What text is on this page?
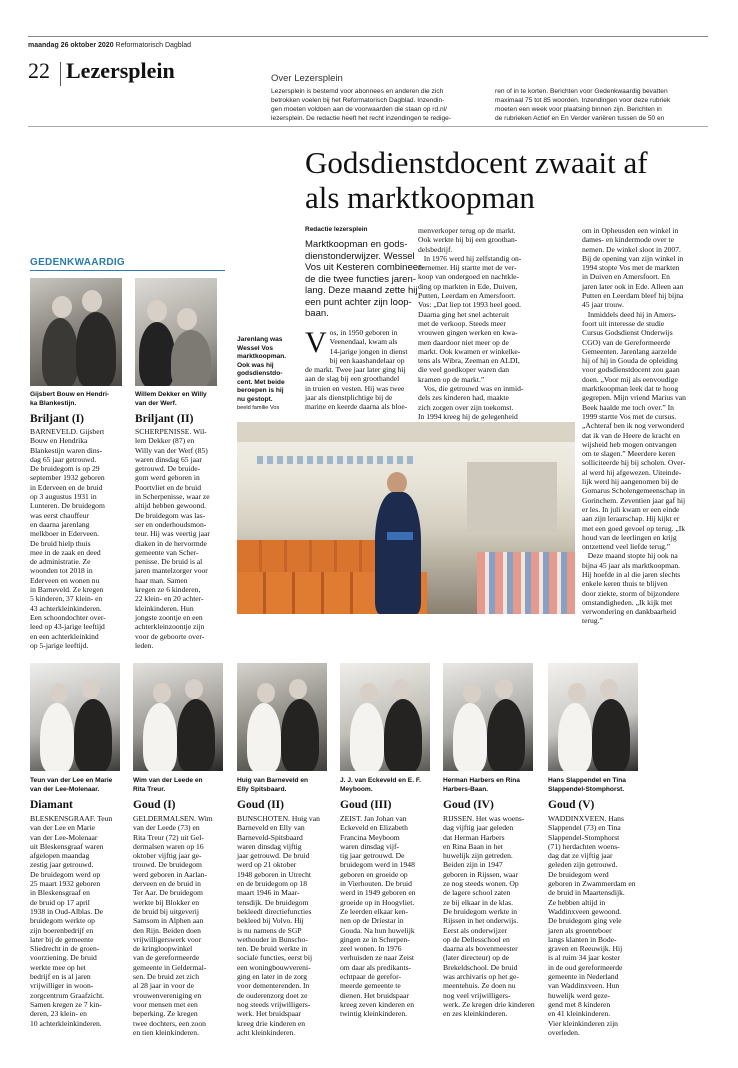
maandag 26 oktober 2020 Reformatorisch Dagblad
22 Lezersplein	Over Lezersplein
Lezersplein is bestemd voor abonnees en anderen die zich
betrokken voelen bij het Reformatorisch Dagblad. Inzendin-
gen moeten voldoen aan de voorwaarden die staan op rd.nl/
lezersplein. De redactie heeft het recht inzendingen te redige-
ren of in te korten. Berichten voor Gedenkwaardig bevatten
maximaal 75 tot 85 woorden. Inzendingen voor deze rubriek
moeten een week voor plaatsing binnen zijn. Berichten in
de rubrieken Actief en En Verder variëren tussen de 50 en
Godsdienstdocent zwaait af
als marktkoopman
GEDENKWAARDIG
Gijsbert Bouw en Hendri-
ka Blankestijn.
Willem Dekker en Willy
van der Werf.
Briljant (I)	Briljant (II)
BARNEVELD. Gijsbert
Bouw en Hendrika
Blankestijn waren dins-
dag 65 jaar getrouwd.
De bruidegom is op 29
september 1932 geboren
in Ederveen en de bruid
op 3 augustus 1931 in
Lunteren. De bruidegom
was eerst chauffeur
en daarna jarenlang
melkboer in Ederveen.
De bruid hielp thuis
mee in de zaak en deed
de administratie. Ze
woonden tot 2018 in
Ederveen en wonen nu
in Barneveld. Ze kregen
5 kinderen, 37 klein- en
43 achterkleinkinderen.
Een schoondochter over-
leed op 43-jarige leeftijd
en een achterkleinkind
op 5-jarige leeftijd.
SCHERPENISSE. Wil-
lem Dekker (87) en
Willy van der Werf (85)
waren dinsdag 65 jaar
getrouwd. De bruide-
gom werd geboren in
Poortvliet en de bruid
in Scherpenisse, waar ze
altijd hebben gewoond.
De bruidegom was las-
ser en onderhoudsmon-
teur. Hij was veertig jaar
diaken in de hervormde
gemeente van Scher-
penisse. De bruid is al
jaren mantelzorger voor
haar man. Samen
kregen ze 6 kinderen,
22 klein- en 20 achter-
kleinkinderen. Hun
jongste zoontje en een
achterkleinzoontje zijn
voor de geboorte over-
leden.
Jarenlang was
Wessel Vos
marktkoopman.
Ook was hij
godsdienstdo-
cent. Met beide
beroepen is hij
nu gestopt.
beeld familie Vos
Redactie lezersplein
Marktkoopman en gods-
dienstonderwijzer. Wessel
Vos uit Kesteren combineer-
de die twee functies jaren-
lang. Deze maand zette hij
een punt achter zijn loop-
baan.
Vos, in 1950 geboren in
Veenendaal, kwam als
14-jarige jongen in dienst
bij een kaashandelaar op
de markt. Twee jaar later ging hij
aan de slag bij een groothandel
in truien en vesten. Hij was twee
jaar als dienstplichtige bij de
marine en keerde daarna als bloe-

menverkoper terug op de markt.
Ook werkte hij bij een groothan-
delsbedrijf.
In 1976 werd hij zelfstandig on-
dernemer. Hij startte met de ver-
koop van ondergoed en nachtkle-
ding op markten in Ede, Duiven,
Putten, Leerdam en Amersfoort.
Vos: „Dat liep tot 1993 heel goed.
Daarna ging het snel achteruit
met de verkoop. Steeds meer
vrouwen gingen werken en kwa-
men daardoor niet meer op de
markt. Ook kwamen er winkelke-
tens als Wibra, Zeeman en ALDI,
die veel goedkoper waren dan
kramen op de markt.”
Vos, die getrouwd was en inmid-
dels zes kinderen had, maakte
zich zorgen over zijn toekomst.
In 1994 kreeg hij de gelegenheid
om in Opheusden een winkel in
dames- en kindermode over te
nemen. De winkel sloot in 2007.
Bij de opening van zijn winkel in
1994 stopte Vos met de markten
in Duiven en Amersfoort. En
jaren later ook in Ede. Alleen aan
Putten en Leerdam bleef hij bijna
45 jaar trouw.
Inmiddels deed hij in Amers-
foort uit interesse de studie
Cursus Godsdienst Onderwijs
CGO) van de Gereformeerde
Gemeenten. Jarenlang aarzelde
hij of hij in Gouda de opleiding
voor godsdienstdocent zou gaan
doen. „Voor mij als eenvoudige
marktkoopman leek dat te hoog
gegrepen. Mijn vriend Marius van
Beek haalde me toch over.” In
1999 startte Vos met de cursus.
„Achteraf ben ik nog verwonderd
dat ik van de Heere de kracht en
wijsheid heb mogen ontvangen
om te slagen.” Meerdere keren
solliciteerde hij bij scholen. Over-
al werd hij afgewezen. Uiteinde-
lijk werd hij aangenomen bij de
Gomarus Scholengemeenschap in
Gorinchem. Zeventien jaar gaf hij
er les. In juli kwam er een einde
aan zijn leraarschap. Hij kijkt er
met een goed gevoel op terug. „Ik
houd van de leerlingen en krijg
ontzettend veel liefde terug.”
Deze maand stopte hij ook na
bijna 45 jaar als marktkoopman.
Hij hoefde in al die jaren slechts
enkele keren thuis te blijven
door ziekte, storm of bijzondere
omstandigheden. „Ik kijk met
verwondering en dankbaarheid
terug.”
Teun van der Lee en Marie
van der Lee-Molenaar.
Diamant
BLESKENSGRAAF. Teun
van der Lee en Marie
van der Lee-Molenaar
uit Bleskensgraaf waren
afgelopen maandag
zestig jaar getrouwd.
De bruidegom werd op
25 maart 1932 geboren
in Bleskensgraaf en
de bruid op 17 april
1938 in Oud-Alblas. De
bruidegom werkte op
zijn boerenbedrijf en
later bij de gemeente
Sliedrecht in de groen-
voorziening. De bruid
werkte mee op het
bedrijf en is al jaren
vrijwilliger in woon-
zorgcentrum Graafzicht.
Samen kregen ze 7 kin-
deren, 23 klein- en
10 achterkleinkinderen.
Wim van der Leede en
Rita Treur.
Goud (I)
GELDERMALSEN. Wim
van der Leede (73) en
Rita Treur (72) uit Gel-
dermalsen waren op 16
oktober vijftig jaar ge-
trouwd. De bruidegom
werd geboren in Aarlan-
derveen en de bruid in
Ter Aar. De bruidegom
werkte bij Blokker en
de bruid bij uitgeverij
Samsom in Alphen aan
den Rijn. Beiden doen
vrijwilligerswerk voor
de kringloopwinkel
van de gereformeerde
gemeente in Geldermal-
sen. De bruid zet zich
al 28 jaar in voor de
vrouwenvereniging en
voor mensen met een
beperking. Ze kregen
twee dochters, een zoon
en tien kleinkinderen.
Huig van Barneveld en
Elly Spitsbaard.
Goud (II)
BUNSCHOTEN. Huig van
Barneveld en Elly van
Barneveld-Spitsbaard
waren dinsdag vijftig
jaar getrouwd. De bruid
werd op 21 oktober
1948 geboren in Utrecht
en de bruidegom op 18
maart 1946 in Maar-
tensdijk. De bruidegom
bekleedt directiefuncties
bekleed bij Volvo. Hij
is nu namens de SGP
wethouder in Bunscho-
ten. De bruid werkte in
sociale functies, eerst bij
een woningbouwvereni-
ging en later in de zorg
voor dementerenden. In
de ouderenzorg doet ze
nog steeds vrijwilligers-
werk. Het bruidspaar
kreeg drie kinderen en
acht kleinkinderen.
J. J. van Eckeveld en E. F.
Meyboom.
Goud (III)
ZEIST. Jan Johan van
Eckeveld en Elizabeth
Francina Meyboom
waren dinsdag vijf-
tig jaar getrouwd. De
bruidegom werd in 1948
geboren en groeide op
in Vierhouten. De bruid
werd in 1949 geboren en
groeide op in Hoogvliet.
Ze leerden elkaar ken-
nen op de Driestar in
Gouda. Na hun huwelijk
gingen ze in Scherpen-
zeel wonen. In 1976
verhuisden ze naar Zeist
om daar als predikants-
echtpaar de gerefor-
meerde gemeente te
dienen. Het bruidspaar
kreeg zeven kinderen en
twintig kleinkinderen.
Herman Harbers en Rina
Harbers-Baan.
Goud (IV)
RIJSSEN. Het was woens-
dag vijftig jaar geleden
dat Herman Harbers
en Rina Baan in het
huwelijk zijn getreden.
Beiden zijn in 1947
geboren in Rijssen, waar
ze nog steeds wonen. Op
de lagere school zaten
ze bij elkaar in de klas.
De bruidegom werkte in
Rijssen in het onderwijs.
Eerst als onderwijzer
op de Dellesschool en
daarna als bovenmeester
(later directeur) op de
Brekeldschool. De bruid
was archivaris op het ge-
meentehuis. Ze doen nu
nog veel vrijwilligers-
werk. Ze kregen drie kinderen
en zes kleinkinderen.
Hans Slappendel en Tina
Slappendel-Stomphorst.
Goud (V)
WADDINXVEEN. Hans
Slappendel (73) en Tina
Slappendel-Stomphorst
(71) herdachten woens-
dag dat ze vijftig jaar
geleden zijn getrouwd.
De bruidegom werd
geboren in Zwammerdam en
de bruid in Maartensdijk.
Ze hebben altijd in
Waddinxveen gewoond.
De bruidegom ging vele
jaren als groenteboer
langs klanten in Bode-
graven en Reeuwijk. Hij
is al ruim 34 jaar koster
in de oud gereformeerde
gemeente in Nederland
van Waddinxveen. Hun
huwelijk werd geze-
gend met 8 kinderen
en 41 kleinkinderen.
Vier kleinkinderen zijn
overleden.
